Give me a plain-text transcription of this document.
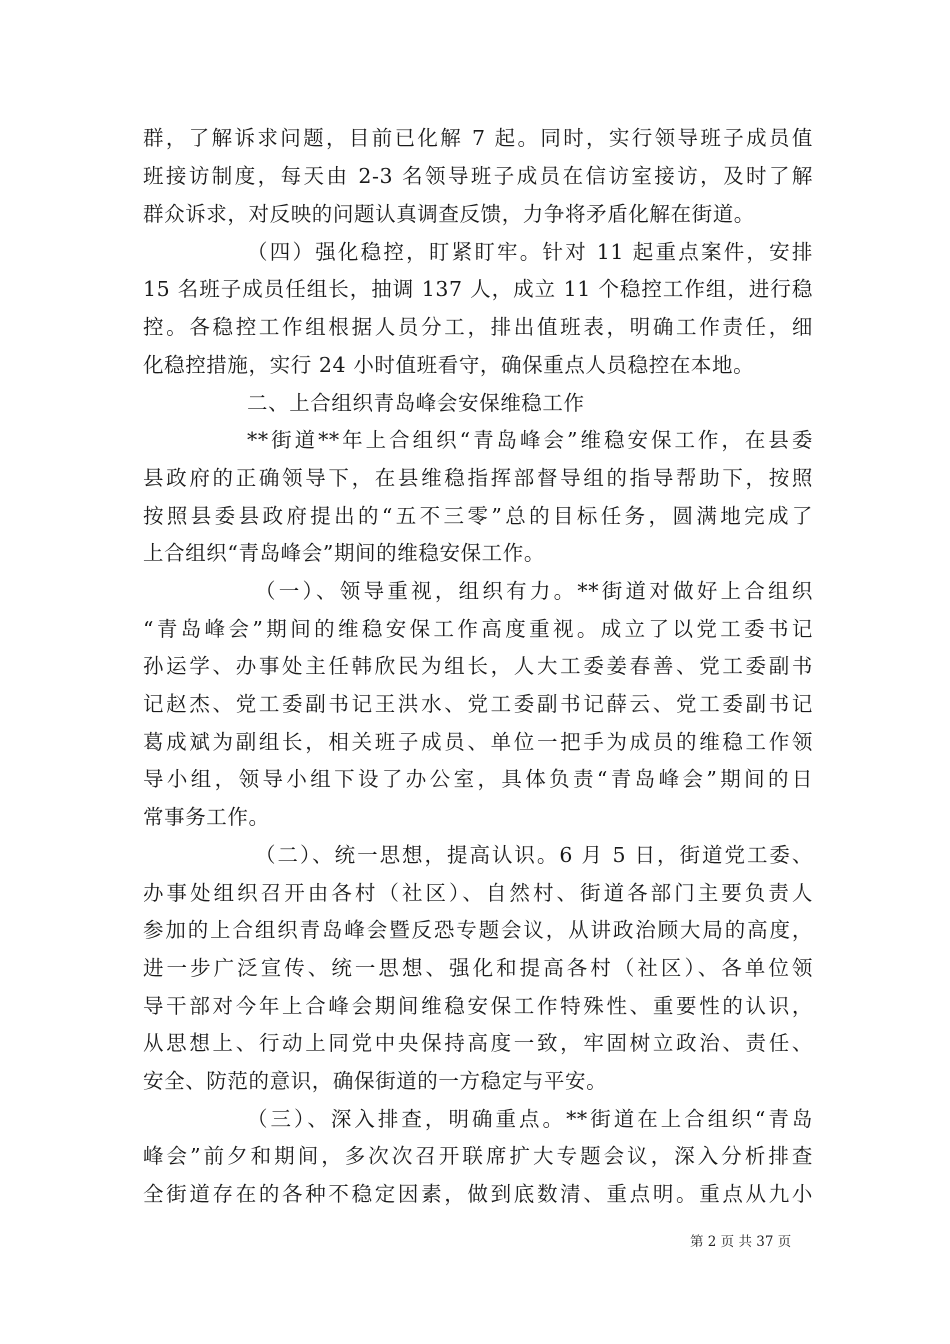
群，了解诉求问题，目前已化解 7 起。同时，实行领导班子成员值
班接访制度，每天由 2-3 名领导班子成员在信访室接访，及时了解
群众诉求，对反映的问题认真调查反馈，力争将矛盾化解在街道。
（四）强化稳控，盯紧盯牢。针对 11 起重点案件，安排
15 名班子成员任组长，抽调 137 人，成立 11 个稳控工作组，进行稳
控。各稳控工作组根据人员分工，排出值班表，明确工作责任，细
化稳控措施，实行 24 小时值班看守，确保重点人员稳控在本地。
二、上合组织青岛峰会安保维稳工作
**街道**年上合组织“青岛峰会”维稳安保工作，在县委
县政府的正确领导下，在县维稳指挥部督导组的指导帮助下，按照
按照县委县政府提出的“五不三零”总的目标任务，圆满地完成了
上合组织“青岛峰会”期间的维稳安保工作。
（一）、领导重视，组织有力。**街道对做好上合组织
“青岛峰会”期间的维稳安保工作高度重视。成立了以党工委书记
孙运学、办事处主任韩欣民为组长，人大工委姜春善、党工委副书
记赵杰、党工委副书记王洪水、党工委副书记薛云、党工委副书记
葛成斌为副组长，相关班子成员、单位一把手为成员的维稳工作领
导小组，领导小组下设了办公室，具体负责“青岛峰会”期间的日
常事务工作。
（二）、统一思想，提高认识。6 月 5 日，街道党工委、
办事处组织召开由各村（社区）、自然村、街道各部门主要负责人
参加的上合组织青岛峰会暨反恐专题会议，从讲政治顾大局的高度，
进一步广泛宣传、统一思想、强化和提高各村（社区）、各单位领
导干部对今年上合峰会期间维稳安保工作特殊性、重要性的认识，
从思想上、行动上同党中央保持高度一致，牢固树立政治、责任、
安全、防范的意识，确保街道的一方稳定与平安。
（三）、深入排查，明确重点。**街道在上合组织“青岛
峰会”前夕和期间，多次次召开联席扩大专题会议，深入分析排查
全街道存在的各种不稳定因素，做到底数清、重点明。重点从九小
第 2 页 共 37 页
